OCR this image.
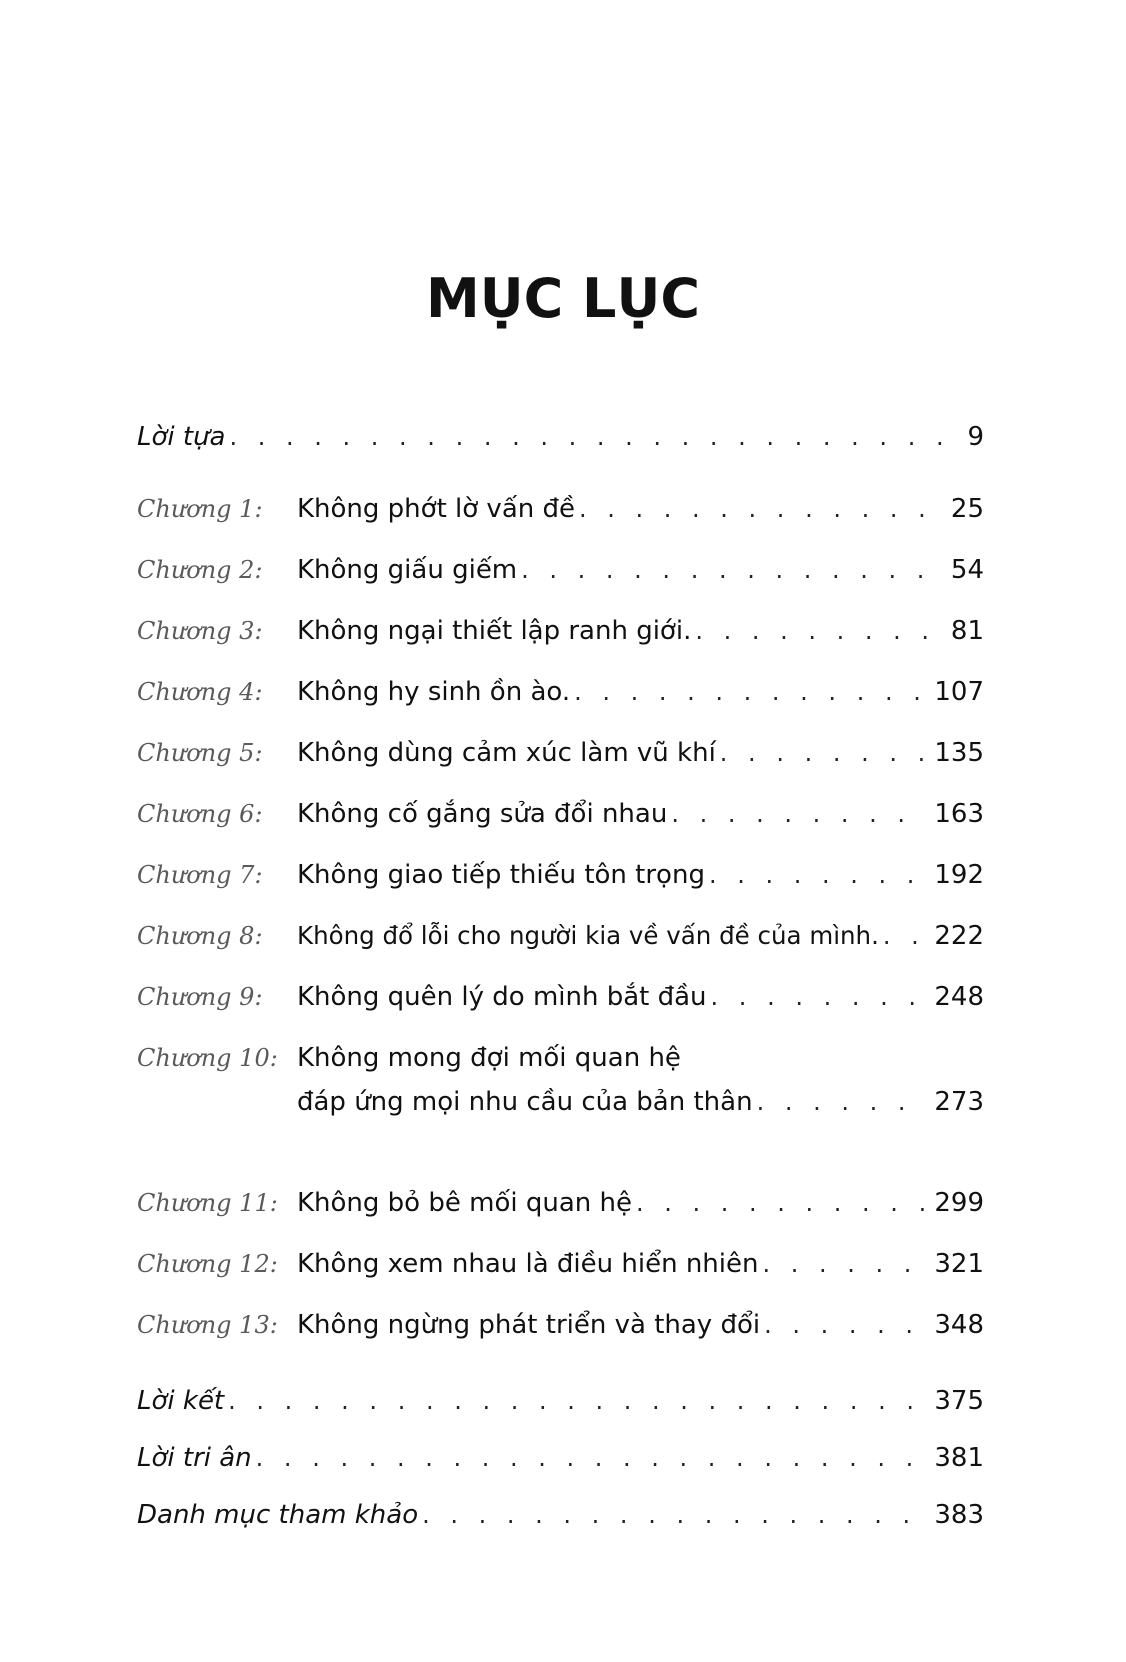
MỤC LỤC
Lời tựa . . .	9
Chương 1: Không phớt lờ vấn đề . . .	25
Chương 2: Không giấu giếm . . .	54
Chương 3: Không ngại thiết lập ranh giới. . . .	81
Chương 4: Không hy sinh ồn ào. . . .	107
Chương 5: Không dùng cảm xúc làm vũ khí . . .	135
Chương 6: Không cố gắng sửa đổi nhau . . .	163
Chương 7: Không giao tiếp thiếu tôn trọng . . .	192
Chương 8: Không đổ lỗi cho người kia về vấn đề của mình. . . . 222
Chương 9: Không quên lý do mình bắt đầu . . .	248
Chương 10: Không mong đợi mối quan hệ
đáp ứng mọi nhu cầu của bản thân . . .	273
Chương 11: Không bỏ bê mối quan hệ . . .	299
Chương 12: Không xem nhau là điều hiển nhiên . . .	321
Chương 13: Không ngừng phát triển và thay đổi . . .	348
Lời kết . . .	375
Lời tri ân . . .	381
Danh mục tham khảo . . .	383
